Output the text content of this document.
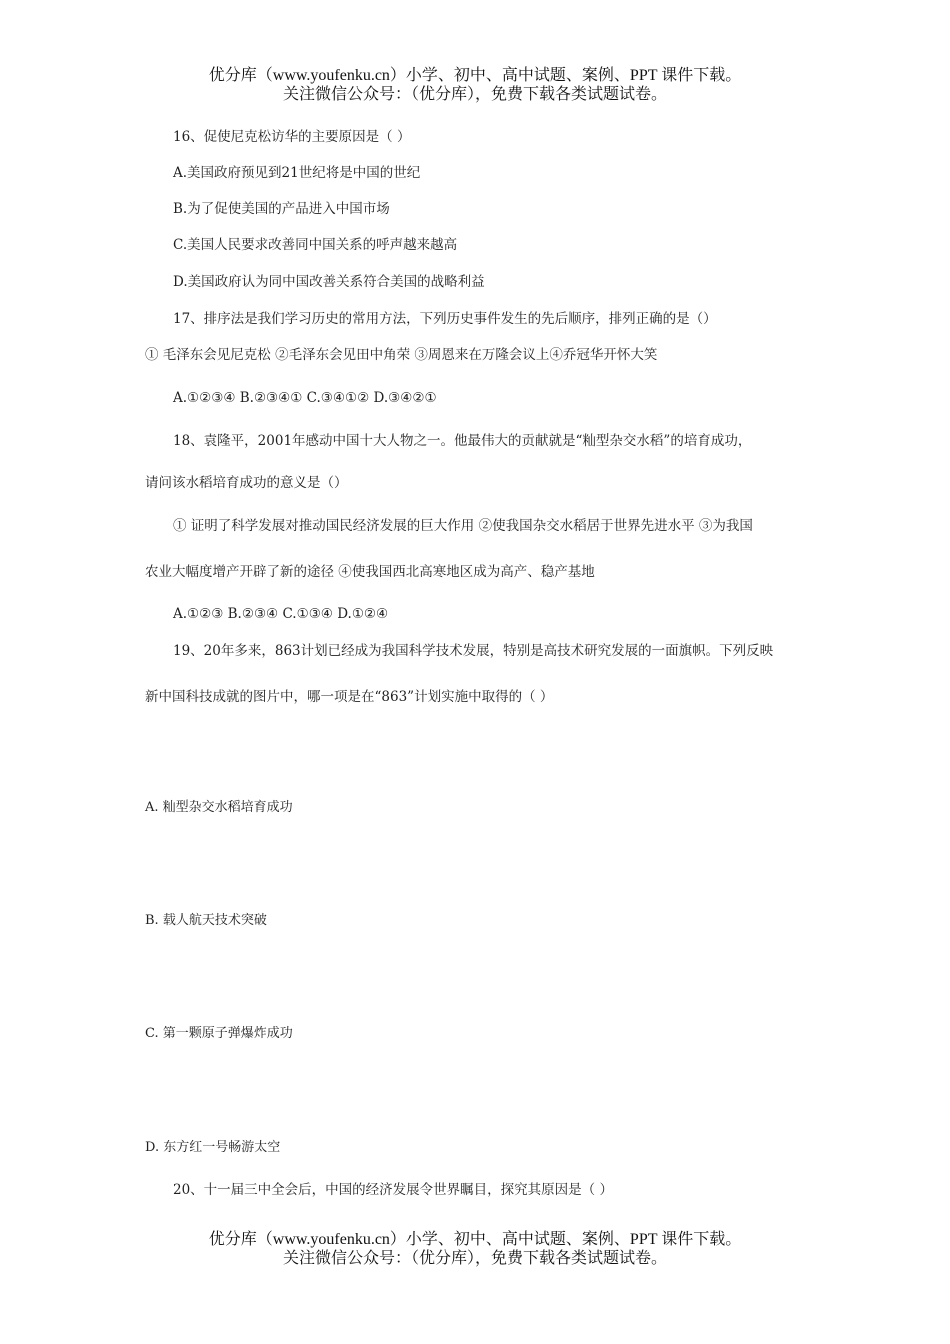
优分库（www.youfenku.cn）小学、初中、高中试题、案例、PPT 课件下载。
关注微信公众号：（优分库），免费下载各类试题试卷。
16、促使尼克松访华的主要原因是（ ）
A.美国政府预见到21世纪将是中国的世纪
B.为了促使美国的产品进入中国市场
C.美国人民要求改善同中国关系的呼声越来越高
D.美国政府认为同中国改善关系符合美国的战略利益
17、排序法是我们学习历史的常用方法，下列历史事件发生的先后顺序，排列正确的是（）
① 毛泽东会见尼克松 ②毛泽东会见田中角荣 ③周恩来在万隆会议上④乔冠华开怀大笑
A.①②③④ B.②③④① C.③④①② D.③④②①
18、袁隆平，2001年感动中国十大人物之一。他最伟大的贡献就是“籼型杂交水稻”的培育成功，
请问该水稻培育成功的意义是（）
① 证明了科学发展对推动国民经济发展的巨大作用 ②使我国杂交水稻居于世界先进水平 ③为我国
农业大幅度增产开辟了新的途径 ④使我国西北高寒地区成为高产、稳产基地
A.①②③ B.②③④ C.①③④ D.①②④
19、20年多来，863计划已经成为我国科学技术发展，特别是高技术研究发展的一面旗帜。下列反映
新中国科技成就的图片中，哪一项是在“863”计划实施中取得的（ ）
A. 籼型杂交水稻培育成功
B. 载人航天技术突破
C. 第一颗原子弹爆炸成功
D. 东方红一号畅游太空
20、十一届三中全会后，中国的经济发展令世界瞩目，探究其原因是（ ）
优分库（www.youfenku.cn）小学、初中、高中试题、案例、PPT 课件下载。
关注微信公众号：（优分库），免费下载各类试题试卷。
